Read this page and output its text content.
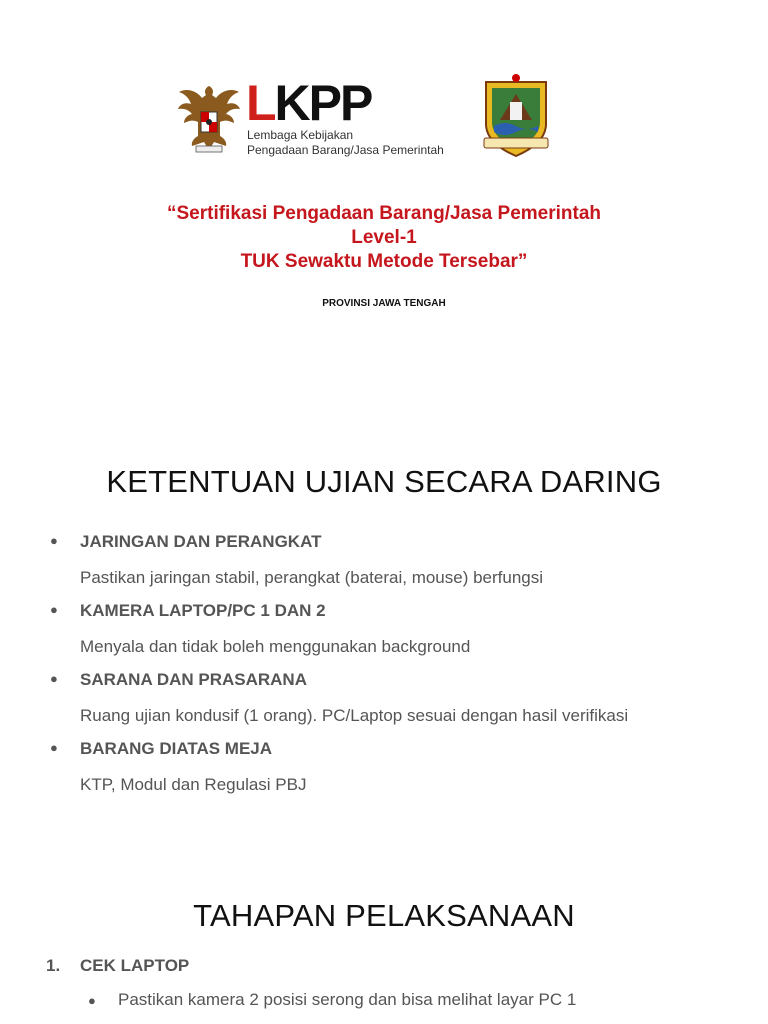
LKPP
Lembaga Kebijakan
Pengadaan Barang/Jasa Pemerintah
“Sertifikasi Pengadaan Barang/Jasa Pemerintah
Level-1
TUK Sewaktu Metode Tersebar”
PROVINSI JAWA TENGAH
KETENTUAN UJIAN SECARA DARING
● JARINGAN DAN PERANGKAT
Pastikan jaringan stabil, perangkat (baterai, mouse) berfungsi
● KAMERA LAPTOP/PC 1 DAN 2
Menyala dan tidak boleh menggunakan background
● SARANA DAN PRASARANA
Ruang ujian kondusif (1 orang). PC/Laptop sesuai dengan hasil verifikasi
● BARANG DIATAS MEJA
KTP, Modul dan Regulasi PBJ
TAHAPAN PELAKSANAAN
1. CEK LAPTOP
● Pastikan kamera 2 posisi serong dan bisa melihat layar PC 1
